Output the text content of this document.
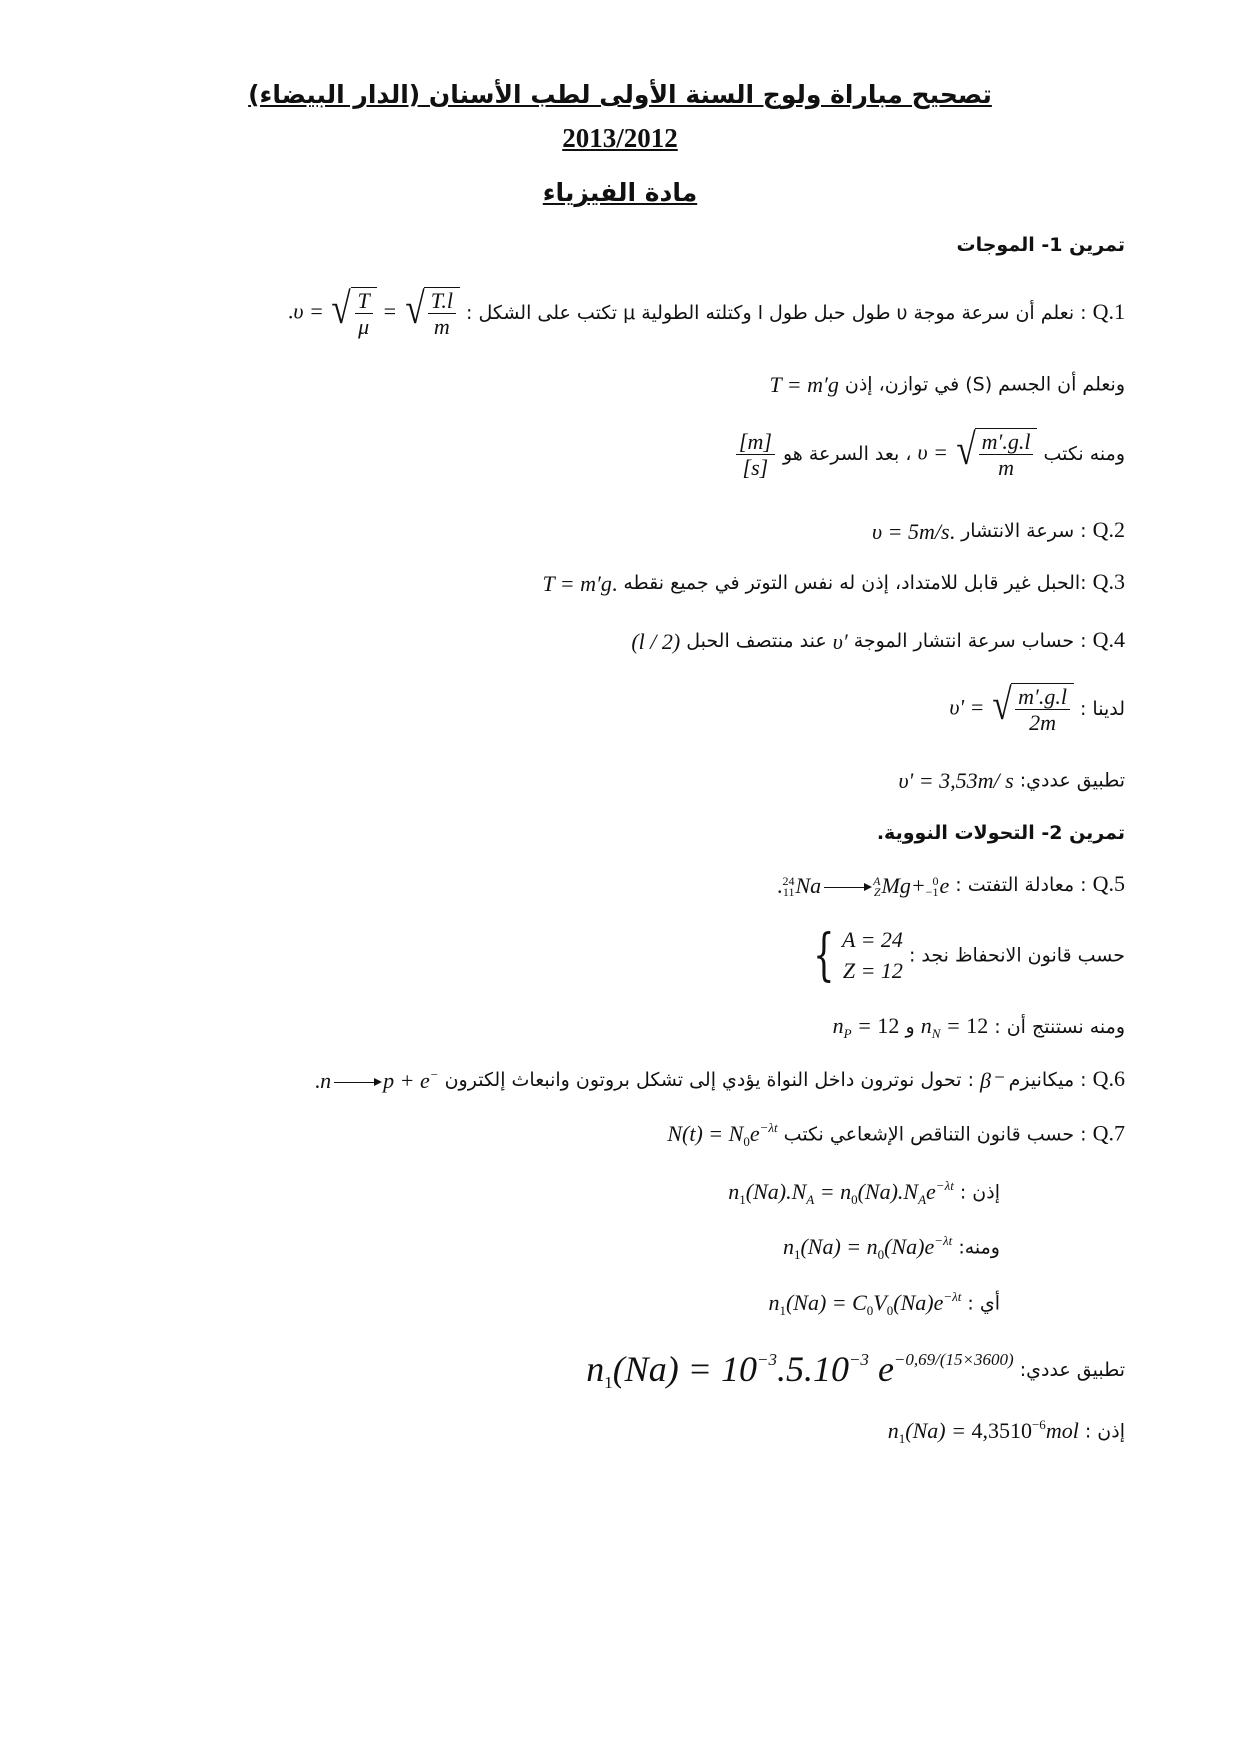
تصحيح مباراة ولوج السنة الأولى لطب الأسنان (الدار البيضاء)
2013/2012
مادة الفيزياء
تمرين 1- الموجات
Q.1 : نعلم أن سرعة موجة υ طول حبل طول l وكتلته الطولية μ تكتب على الشكل : .υ = √ $\frac{T}{\mu}$ = √ $\frac{T.l}{m}$
ونعلم أن الجسم (S) في توازن، إذن T = m′g
ومنه نكتب υ = √ $\frac{m'.g.l}{m}$
، بعد السرعة هو
$\frac{[m]}{[s]}$
Q.2 : سرعة الانتشار υ = 5m/s.
Q.3 :الحبل غير قابل للامتداد، إذن له نفس التوتر في جميع نقطه T = m′g.
Q.4 : حساب سرعة انتشار الموجة υ′ عند منتصف الحبل (l / 2)
لدينا : υ' = √ $\frac{m'.g.l}{2m}$
تطبيق عددي: υ' = 3,53m/ s
تمرين 2- التحولات النووية.
Q.5 : معادلة التفتت : . 24
11 Na	A
Z Mg+ 0
−1 e
حسب قانون الانحفاظ نجد :
{ A = 24
Z = 12
ومنه نستنتج أن : $n_N = 12$ و $n_P = 12$
Q.6 : ميكانيزم β⁻ : تحول نوترون داخل النواة يؤدي إلى تشكل بروتون وانبعاث إلكترون .n p + e−
Q.7 : حسب قانون التناقص الإشعاعي نكتب $N(t) = N_0e^{-\lambda t}$
إذن : $n_1(Na).N_A = n_0(Na).N_Ae^{-\lambda t}$
ومنه: $n_1(Na) = n_0(Na)e^{-\lambda t}$
أي : $n_1(Na) = C_0V_0(Na)e^{-\lambda t}$
تطبيق عددي: $n_1(Na) = 10^{-3}.5.10^{-3}$ $e^{-0,69/(15\times 3600)}$
إذن : $n_1(Na) = 4,3510^{-6}mol$
